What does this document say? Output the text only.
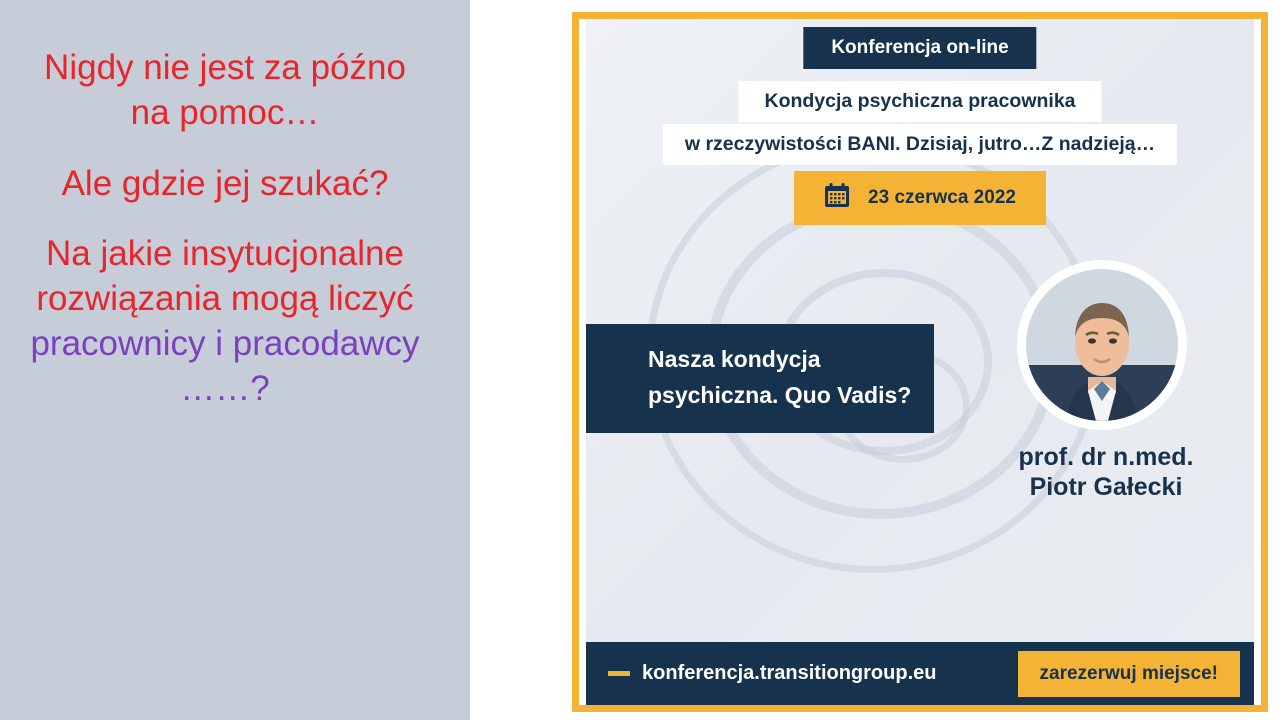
Nigdy nie jest za późno na pomoc…
Ale gdzie jej szukać?
Na jakie insytucjonalne rozwiązania mogą liczyć pracownicy i pracodawcy ……?
Konferencja on-line
Kondycja psychiczna pracownika
w rzeczywistości BANI. Dzisiaj, jutro…Z nadzieją…
23 czerwca 2022
Nasza kondycja
psychiczna. Quo Vadis?
prof. dr n.med.
Piotr Gałecki
konferencja.transitiongroup.eu	zarezerwuj miejsce!
